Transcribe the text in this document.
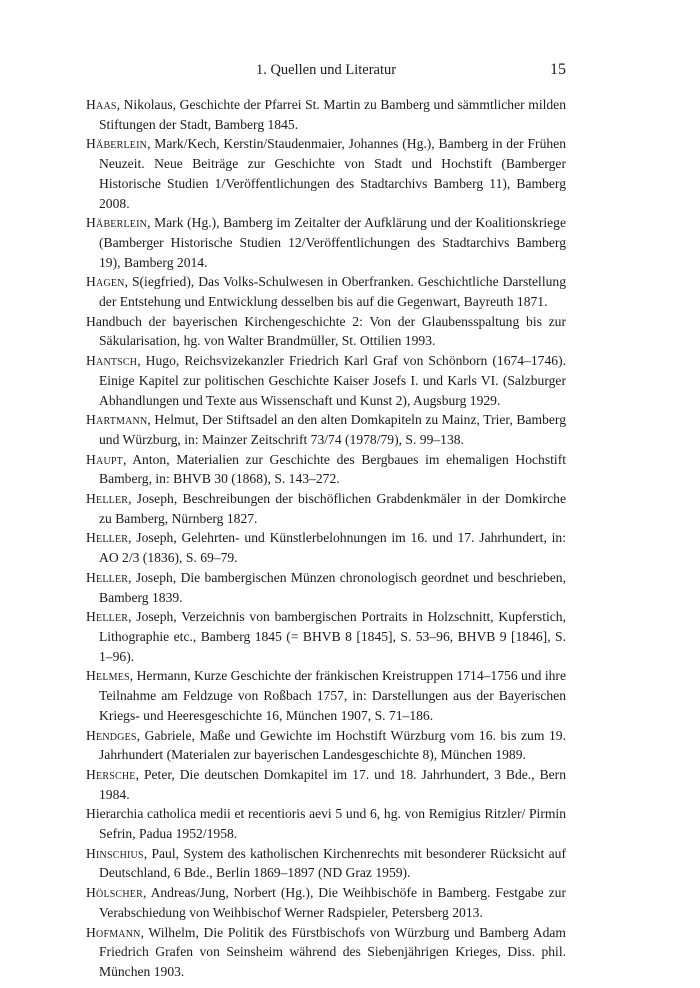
1. Quellen und Literatur	15
Haas, Nikolaus, Geschichte der Pfarrei St. Martin zu Bamberg und sämmtlicher milden Stiftungen der Stadt, Bamberg 1845.
Häberlein, Mark/Kech, Kerstin/Staudenmaier, Johannes (Hg.), Bamberg in der Frühen Neuzeit. Neue Beiträge zur Geschichte von Stadt und Hochstift (Bamberger Historische Studien 1/Veröffentlichungen des Stadtarchivs Bamberg 11), Bamberg 2008.
Häberlein, Mark (Hg.), Bamberg im Zeitalter der Aufklärung und der Koalitionskriege (Bamberger Historische Studien 12/Veröffentlichungen des Stadtarchivs Bamberg 19), Bamberg 2014.
Hagen, S(iegfried), Das Volks-Schulwesen in Oberfranken. Geschichtliche Darstellung der Entstehung und Entwicklung desselben bis auf die Gegenwart, Bayreuth 1871.
Handbuch der bayerischen Kirchengeschichte 2: Von der Glaubensspaltung bis zur Säkularisation, hg. von Walter Brandmüller, St. Ottilien 1993.
Hantsch, Hugo, Reichsvizekanzler Friedrich Karl Graf von Schönborn (1674–1746). Einige Kapitel zur politischen Geschichte Kaiser Josefs I. und Karls VI. (Salzburger Abhandlungen und Texte aus Wissenschaft und Kunst 2), Augsburg 1929.
Hartmann, Helmut, Der Stiftsadel an den alten Domkapiteln zu Mainz, Trier, Bamberg und Würzburg, in: Mainzer Zeitschrift 73/74 (1978/79), S. 99–138.
Haupt, Anton, Materialien zur Geschichte des Bergbaues im ehemaligen Hochstift Bamberg, in: BHVB 30 (1868), S. 143–272.
Heller, Joseph, Beschreibungen der bischöflichen Grabdenkmäler in der Domkirche zu Bamberg, Nürnberg 1827.
Heller, Joseph, Gelehrten- und Künstlerbelohnungen im 16. und 17. Jahrhundert, in: AO 2/3 (1836), S. 69–79.
Heller, Joseph, Die bambergischen Münzen chronologisch geordnet und beschrieben, Bamberg 1839.
Heller, Joseph, Verzeichnis von bambergischen Portraits in Holzschnitt, Kupferstich, Lithographie etc., Bamberg 1845 (= BHVB 8 [1845], S. 53–96, BHVB 9 [1846], S. 1–96).
Helmes, Hermann, Kurze Geschichte der fränkischen Kreistruppen 1714–1756 und ihre Teilnahme am Feldzuge von Roßbach 1757, in: Darstellungen aus der Bayerischen Kriegs- und Heeresgeschichte 16, München 1907, S. 71–186.
Hendges, Gabriele, Maße und Gewichte im Hochstift Würzburg vom 16. bis zum 19. Jahrhundert (Materialen zur bayerischen Landesgeschichte 8), München 1989.
Hersche, Peter, Die deutschen Domkapitel im 17. und 18. Jahrhundert, 3 Bde., Bern 1984.
Hierarchia catholica medii et recentioris aevi 5 und 6, hg. von Remigius Ritzler/ Pirmin Sefrin, Padua 1952/1958.
Hinschius, Paul, System des katholischen Kirchenrechts mit besonderer Rücksicht auf Deutschland, 6 Bde., Berlin 1869–1897 (ND Graz 1959).
Hölscher, Andreas/Jung, Norbert (Hg.), Die Weihbischöfe in Bamberg. Festgabe zur Verabschiedung von Weihbischof Werner Radspieler, Petersberg 2013.
Hofmann, Wilhelm, Die Politik des Fürstbischofs von Würzburg und Bamberg Adam Friedrich Grafen von Seinsheim während des Siebenjährigen Krieges, Diss. phil. München 1903.
